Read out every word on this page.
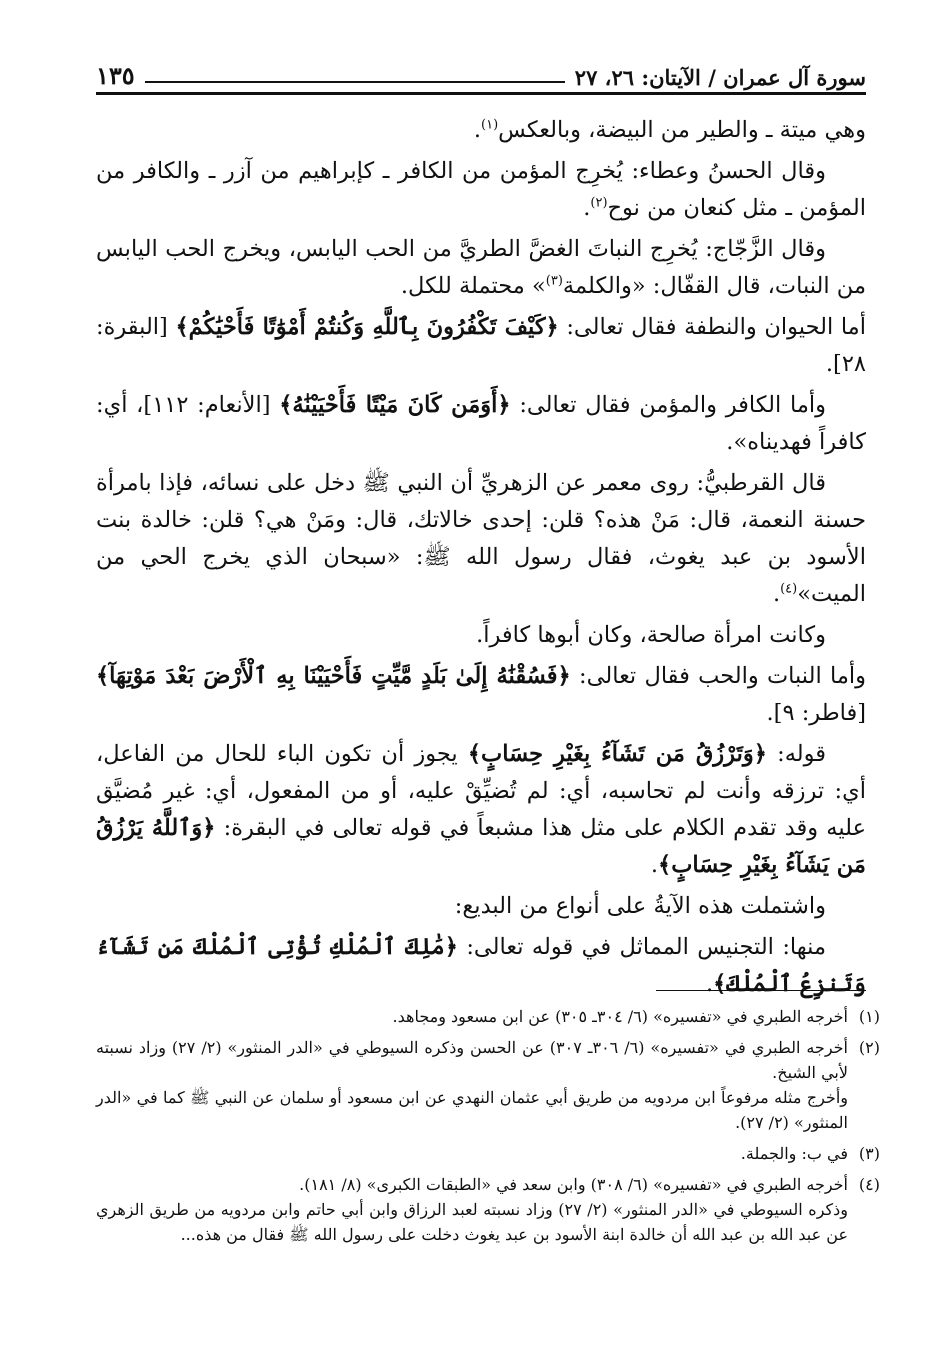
سورة آل عمران / الآيتان: ٢٦، ٢٧
١٣٥

وهي ميتة ـ والطير من البيضة، وبالعكس$^{(١)}$.

وقال الحسنُ وعطاء: يُخرِج المؤمن من الكافر ـ كإبراهيم من آزر ـ والكافر من المؤمن ـ مثل كنعان من نوح$^{(٢)}$.

وقال الزَّجّاج: يُخرِج النباتَ الغضَّ الطريَّ من الحب اليابس، ويخرج الحب اليابس من النبات، قال القفّال: «والكلمة$^{(٣)}$» محتملة للكل.

أما الحيوان والنطفة فقال تعالى: ﴿كَيْفَ تَكْفُرُونَ بِٱللَّهِ وَكُنتُمْ أَمْوَٰتًا فَأَحْيَٰكُمْ﴾ [البقرة: ٢٨].

وأما الكافر والمؤمن فقال تعالى: ﴿أَوَمَن كَانَ مَيْتًا فَأَحْيَيْنَٰهُ﴾ [الأنعام: ١١٢]، أي: كافراً فهديناه».

قال القرطبيُّ: روى معمر عن الزهريِّ أن النبي ﷺ دخل على نسائه، فإذا بامرأة حسنة النعمة، قال: مَنْ هذه؟ قلن: إحدى خالاتك، قال: ومَنْ هي؟ قلن: خالدة بنت الأسود بن عبد يغوث، فقال رسول الله ﷺ: «سبحان الذي يخرج الحي من الميت»$^{(٤)}$.

وكانت امرأة صالحة، وكان أبوها كافراً.

وأما النبات والحب فقال تعالى: ﴿فَسُقْنَٰهُ إِلَىٰ بَلَدٍ مَّيِّتٍ فَأَحْيَيْنَا بِهِ ٱلْأَرْضَ بَعْدَ مَوْتِهَآ﴾ [فاطر: ٩].

قوله: ﴿وَتَرْزُقُ مَن تَشَآءُ بِغَيْرِ حِسَابٍ﴾ يجوز أن تكون الباء للحال من الفاعل، أي: ترزقه وأنت لم تحاسبه، أي: لم تُضيِّقْ عليه، أو من المفعول، أي: غير مُضيَّق عليه وقد تقدم الكلام على مثل هذا مشبعاً في قوله تعالى في البقرة: ﴿وَٱللَّهُ يَرْزُقُ مَن يَشَآءُ بِغَيْرِ حِسَابٍ﴾.

واشتملت هذه الآيةُ على أنواع من البديع:

منها: التجنيس المماثل في قوله تعالى: ﴿مَٰلِكَ ٱلْمُلْكِ تُؤْتِى ٱلْمُلْكَ مَن تَشَآءُ وَتَنزِعُ ٱلْمُلْكَ﴾.

(١)
أخرجه الطبري في «تفسيره» (٦/ ٣٠٤ـ ٣٠٥) عن ابن مسعود ومجاهد.
(٢)
أخرجه الطبري في «تفسيره» (٦/ ٣٠٦ـ ٣٠٧) عن الحسن وذكره السيوطي في «الدر المنثور» (٢/ ٢٧) وزاد نسبته لأبي الشيخ.
وأخرج مثله مرفوعاً ابن مردويه من طريق أبي عثمان النهدي عن ابن مسعود أو سلمان عن النبي ﷺ كما في «الدر المنثور» (٢/ ٢٧).
(٣)
في ب: والجملة.
(٤)
أخرجه الطبري في «تفسيره» (٦/ ٣٠٨) وابن سعد في «الطبقات الكبرى» (٨/ ١٨١).
وذكره السيوطي في «الدر المنثور» (٢/ ٢٧) وزاد نسبته لعبد الرزاق وابن أبي حاتم وابن مردويه من طريق الزهري عن عبد الله بن عبد الله أن خالدة ابنة الأسود بن عبد يغوث دخلت على رسول الله ﷺ فقال من هذه...
